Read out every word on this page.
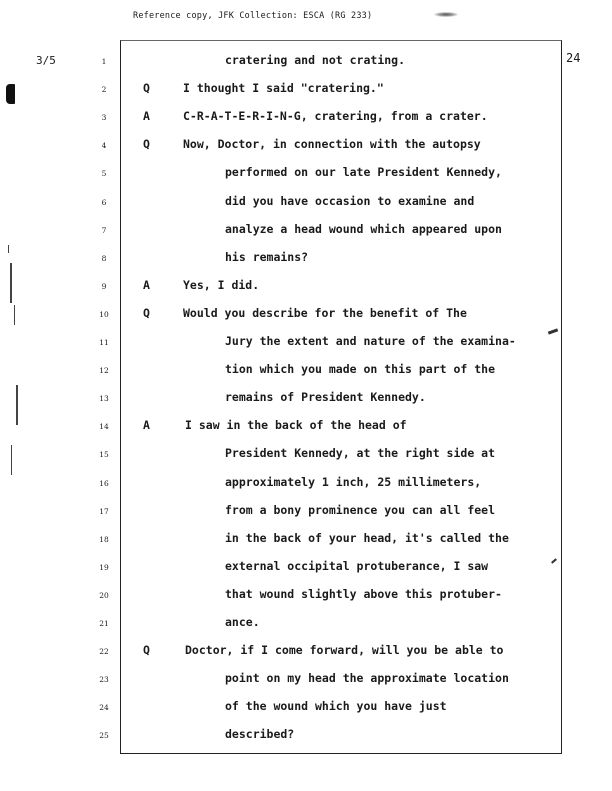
Reference copy, JFK Collection: ESCA (RG 233)
3/5	24
1	cratering and not crating.
2	Q	I thought I said "cratering."
3	A	C-R-A-T-E-R-I-N-G, cratering, from a crater.
4	Q	Now, Doctor, in connection with the autopsy
5	performed on our late President Kennedy,
6	did you have occasion to examine and
7	analyze a head wound which appeared upon
8	his remains?
9	A	Yes, I did.
10	Q	Would you describe for the benefit of The
11	Jury the extent and nature of the examina-
12	tion which you made on this part of the
13	remains of President Kennedy.
14	A	I saw in the back of the head of
15	President Kennedy, at the right side at
16	approximately 1 inch, 25 millimeters,
17	from a bony prominence you can all feel
18	in the back of your head, it's called the
19	external occipital protuberance, I saw
20	that wound slightly above this protuber-
21	ance.
22	Q	Doctor, if I come forward, will you be able to
23	point on my head the approximate location
24	of the wound which you have just
25	described?
